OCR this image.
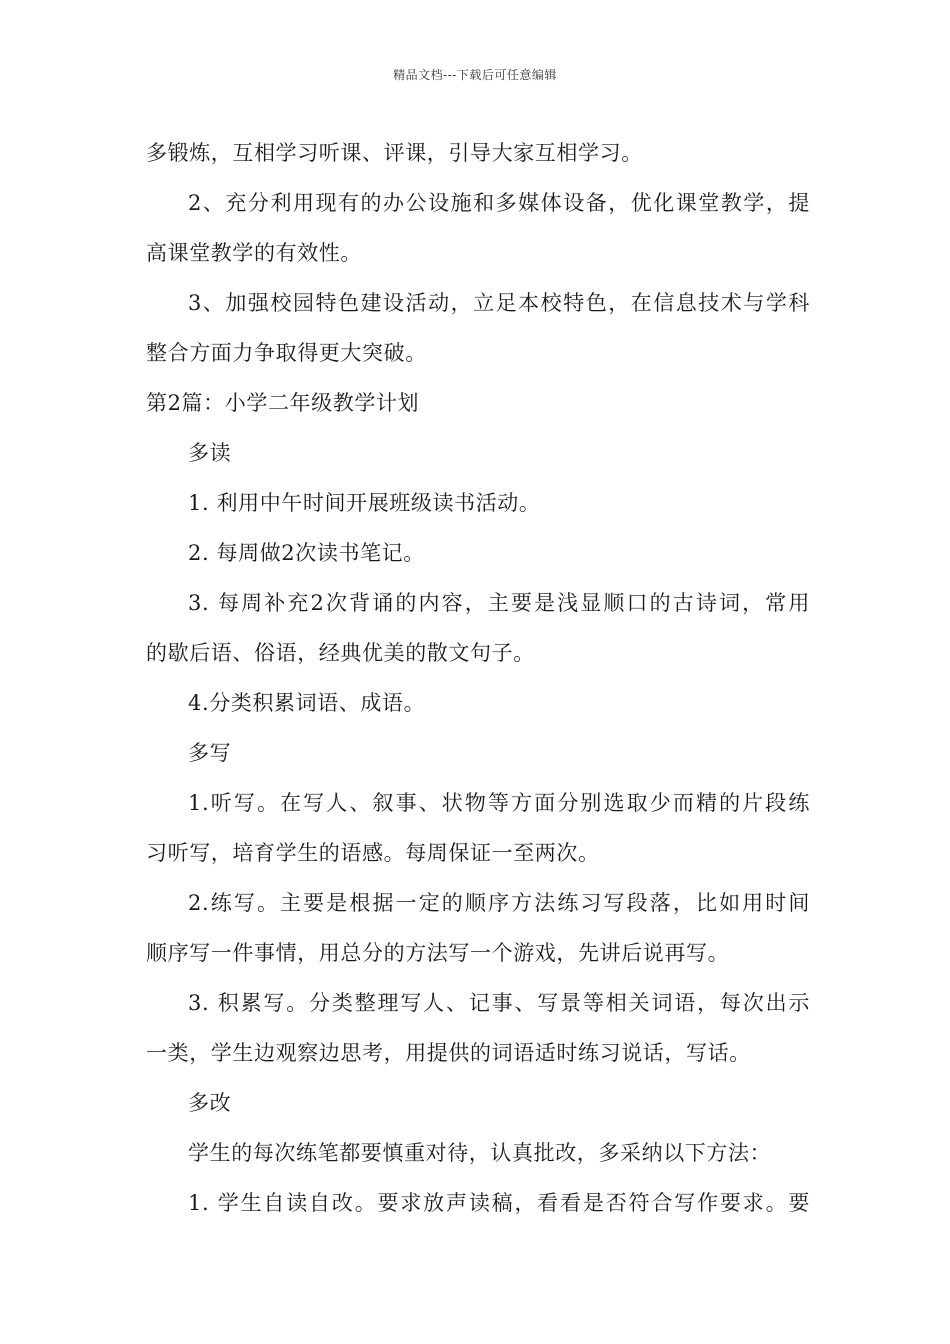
精品文档---下载后可任意编辑
多锻炼，互相学习听课、评课，引导大家互相学习。
2、充分利用现有的办公设施和多媒体设备，优化课堂教学，提
高课堂教学的有效性。
3、加强校园特色建设活动，立足本校特色，在信息技术与学科
整合方面力争取得更大突破。
第2篇：小学二年级教学计划
多读
1. 利用中午时间开展班级读书活动。
2. 每周做2次读书笔记。
3. 每周补充2次背诵的内容，主要是浅显顺口的古诗词，常用
的歇后语、俗语，经典优美的散文句子。
4.分类积累词语、成语。
多写
1.听写。在写人、叙事、状物等方面分别选取少而精的片段练
习听写，培育学生的语感。每周保证一至两次。
2.练写。主要是根据一定的顺序方法练习写段落，比如用时间
顺序写一件事情，用总分的方法写一个游戏，先讲后说再写。
3. 积累写。分类整理写人、记事、写景等相关词语，每次出示
一类，学生边观察边思考，用提供的词语适时练习说话，写话。
多改
学生的每次练笔都要慎重对待，认真批改，多采纳以下方法：
1. 学生自读自改。要求放声读稿，看看是否符合写作要求。要
